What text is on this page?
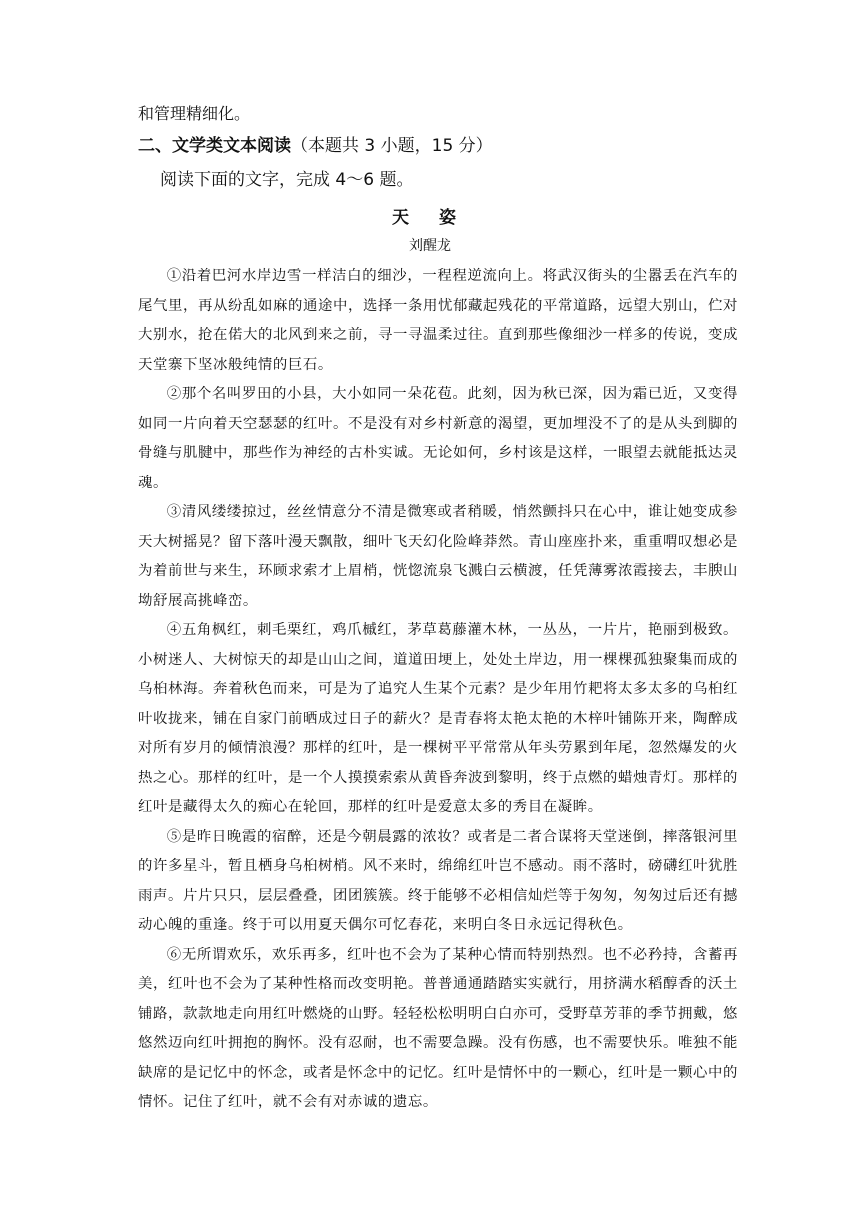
和管理精细化。
二、文学类文本阅读（本题共 3 小题，15 分）
阅读下面的文字，完成 4～6 题。
天 姿
刘醒龙

①沿着巴河水岸边雪一样洁白的细沙，一程程逆流向上。将武汉街头的尘嚣丢在汽车的尾气里，再从纷乱如麻的通途中，选择一条用忧郁藏起残花的平常道路，远望大别山，伫对大别水，抢在偌大的北风到来之前，寻一寻温柔过往。直到那些像细沙一样多的传说，变成天堂寨下坚冰般纯情的巨石。

②那个名叫罗田的小县，大小如同一朵花苞。此刻，因为秋已深，因为霜已近，又变得如同一片向着天空瑟瑟的红叶。不是没有对乡村新意的渴望，更加埋没不了的是从头到脚的骨缝与肌腱中，那些作为神经的古朴实诚。无论如何，乡村该是这样，一眼望去就能抵达灵魂。

③清风缕缕掠过，丝丝情意分不清是微寒或者稍暖，悄然颤抖只在心中，谁让她变成参天大树摇晃？留下落叶漫天飘散，细叶飞天幻化险峰莽然。青山座座扑来，重重喟叹想必是为着前世与来生，环顾求索才上眉梢，恍惚流泉飞溅白云横渡，任凭薄雾浓霞接去，丰腴山坳舒展高挑峰峦。

④五角枫红，刺毛栗红，鸡爪槭红，茅草葛藤灌木林，一丛丛，一片片，艳丽到极致。小树迷人、大树惊天的却是山山之间，道道田埂上，处处土岸边，用一棵棵孤独聚集而成的乌桕林海。奔着秋色而来，可是为了追究人生某个元素？是少年用竹耙将太多太多的乌桕红叶收拢来，铺在自家门前晒成过日子的薪火？是青春将太艳太艳的木梓叶铺陈开来，陶醉成对所有岁月的倾情浪漫？那样的红叶，是一棵树平平常常从年头劳累到年尾，忽然爆发的火热之心。那样的红叶，是一个人摸摸索索从黄昏奔波到黎明，终于点燃的蜡烛青灯。那样的红叶是藏得太久的痴心在轮回，那样的红叶是爱意太多的秀目在凝眸。

⑤是昨日晚霞的宿醉，还是今朝晨露的浓妆？或者是二者合谋将天堂迷倒，摔落银河里的许多星斗，暂且栖身乌桕树梢。风不来时，绵绵红叶岂不感动。雨不落时，磅礴红叶犹胜雨声。片片只只，层层叠叠，团团簇簇。终于能够不必相信灿烂等于匆匆，匆匆过后还有撼动心魄的重逢。终于可以用夏天偶尔可忆春花，来明白冬日永远记得秋色。

⑥无所谓欢乐，欢乐再多，红叶也不会为了某种心情而特别热烈。也不必矜持，含蓄再美，红叶也不会为了某种性格而改变明艳。普普通通踏踏实实就行，用挤满水稻醇香的沃土铺路，款款地走向用红叶燃烧的山野。轻轻松松明明白白亦可，受野草芳菲的季节拥戴，悠悠然迈向红叶拥抱的胸怀。没有忍耐，也不需要急躁。没有伤感，也不需要快乐。唯独不能缺席的是记忆中的怀念，或者是怀念中的记忆。红叶是情怀中的一颗心，红叶是一颗心中的情怀。记住了红叶，就不会有对赤诚的遗忘。
